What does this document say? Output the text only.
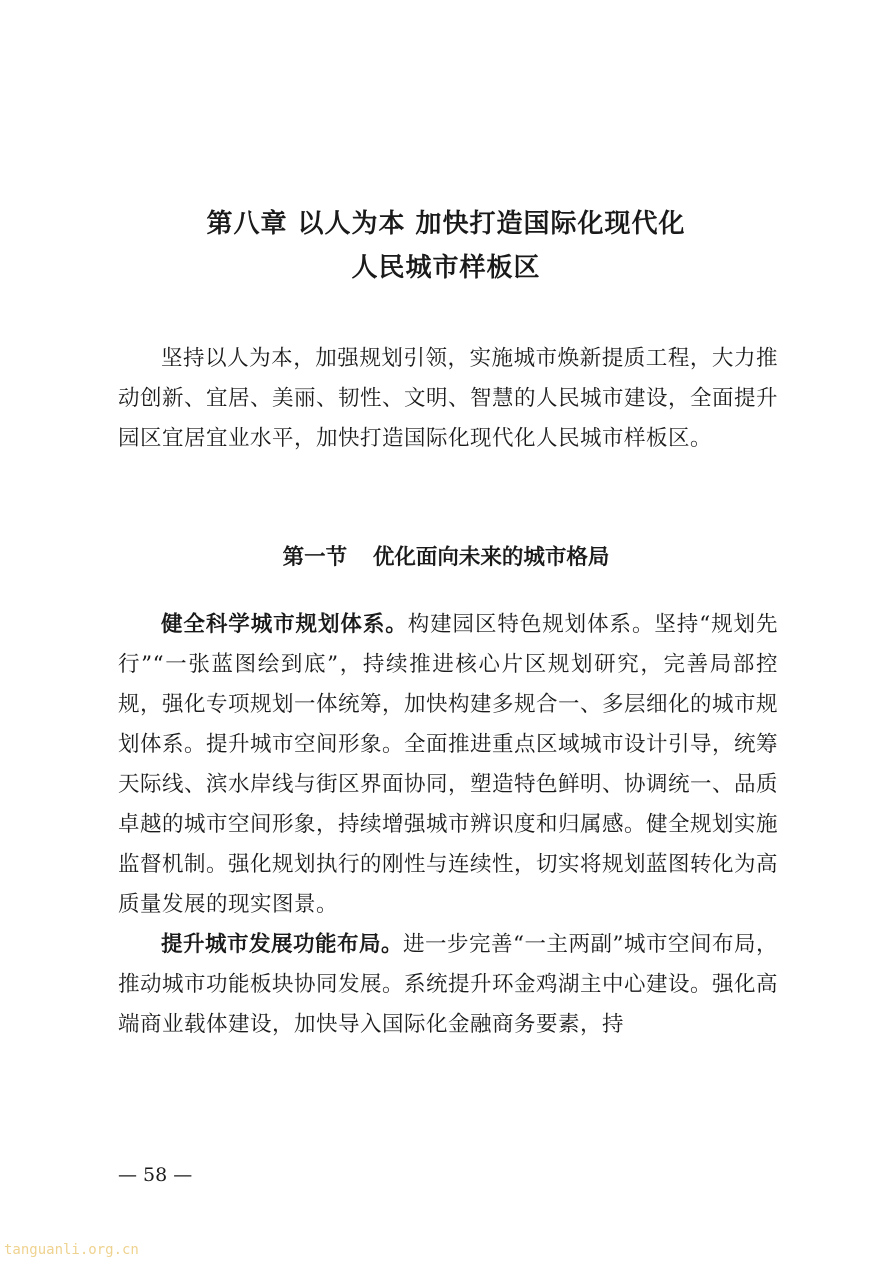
第八章 以人为本 加快打造国际化现代化
人民城市样板区

坚持以人为本，加强规划引领，实施城市焕新提质工程，大力推动创新、宜居、美丽、韧性、文明、智慧的人民城市建设，全面提升园区宜居宜业水平，加快打造国际化现代化人民城市样板区。

第一节 优化面向未来的城市格局

健全科学城市规划体系。构建园区特色规划体系。坚持“规划先行”“一张蓝图绘到底”，持续推进核心片区规划研究，完善局部控规，强化专项规划一体统筹，加快构建多规合一、多层细化的城市规划体系。提升城市空间形象。全面推进重点区域城市设计引导，统筹天际线、滨水岸线与街区界面协同，塑造特色鲜明、协调统一、品质卓越的城市空间形象，持续增强城市辨识度和归属感。健全规划实施监督机制。强化规划执行的刚性与连续性，切实将规划蓝图转化为高质量发展的现实图景。

提升城市发展功能布局。进一步完善“一主两副”城市空间布局，推动城市功能板块协同发展。系统提升环金鸡湖主中心建设。强化高端商业载体建设，加快导入国际化金融商务要素，持

— 58 —
tanguanli.org.cn
